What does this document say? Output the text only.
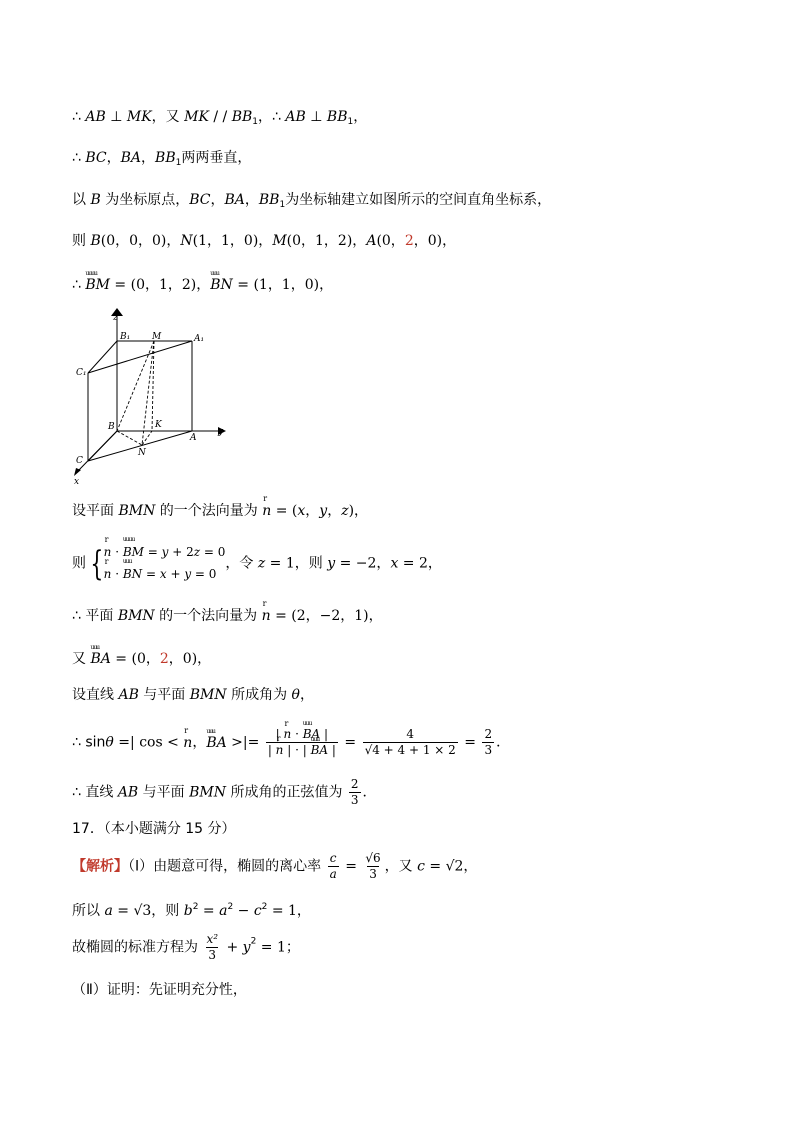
∴ AB ⊥ MK，又 MK / / $BB_1$，∴ AB ⊥ $BB_1$，
∴ BC，BA，$BB_1$两两垂直，
以 B 为坐标原点，BC，BA，$BB_1$为坐标轴建立如图所示的空间直角坐标系，
则 B(0，0，0)，N(1，1，0)，M(0，1，2)，A(0，2，0)，
∴ uuuu BM = (0，1，2)，uuu BN = (1，1，0)，
z
B₁ M	A₁
C₁
B	K
A
y
N
C
x
设平面 BMN 的一个法向量为 r n = (x，y，z)，
则 {
r n · uuuu BM = y + 2z = 0
r n · uuu BN = x + y = 0
，令 z = 1，则 y = −2，x = 2，
∴ 平面 BMN 的一个法向量为 r n = (2，−2，1)，
又 uuu BA = (0，2，0)，
设直线 AB 与平面 BMN 所成角为 θ，
∴ sinθ =| cos < r n，uuu BA >|= $\frac{\text{| r n · uuu BA |}}{\text{| r n | · | uuu BA |}} = \frac{4}{√4 + 4 + 1 \times 2} = \frac{2}{3}$ ．
∴ 直线 AB 与平面 BMN 所成角的正弦值为 $\frac{2}{3}$ ．
17．（本小题满分 15 分）
【解析】（Ⅰ）由题意可得，椭圆的离心率 $\frac{c}{a} = \frac{√6}{3}$ ，又 c = √2，
所以 a = √3，则 $b^2 = a^2 - c^2 = 1$，
故椭圆的标准方程为 $\frac{\text{x²}}{3} + y^2 = 1$；
（Ⅱ）证明：先证明充分性，
